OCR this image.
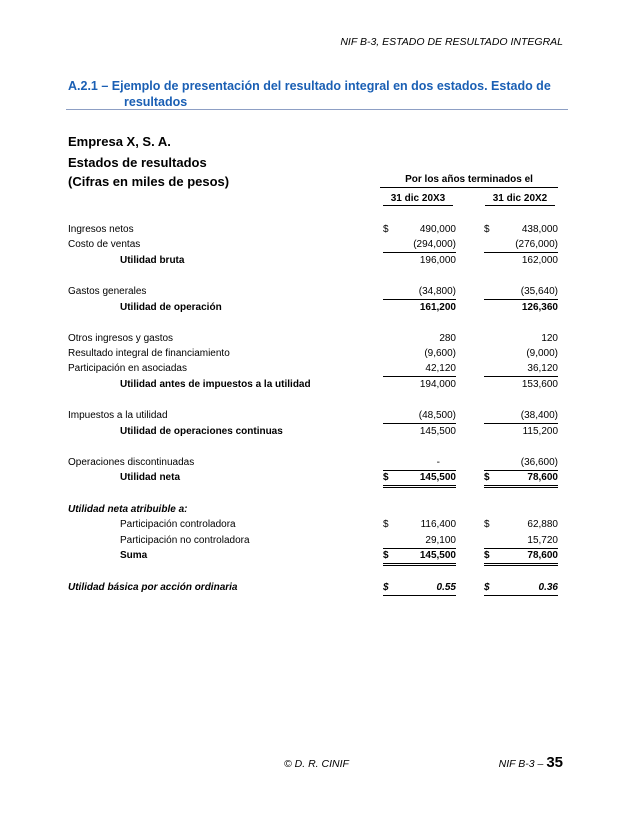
NIF B-3, ESTADO DE RESULTADO INTEGRAL
A.2.1 – Ejemplo de presentación del resultado integral en dos estados. Estado de
resultados
Empresa X, S. A.
Estados de resultados
(Cifras en miles de pesos)	Por los años terminados el
31 dic 20X3	31 dic 20X2
Ingresos netos	$	490,000	$	438,000
Costo de ventas	(294,000)	(276,000)
Utilidad bruta	196,000	162,000
Gastos generales	(34,800)	(35,640)
Utilidad de operación	161,200	126,360
Otros ingresos y gastos	280	120
Resultado integral de financiamiento	(9,600)	(9,000)
Participación en asociadas	42,120	36,120
Utilidad antes de impuestos a la utilidad	194,000	153,600
Impuestos a la utilidad	(48,500)	(38,400)
Utilidad de operaciones continuas	145,500	115,200
Operaciones discontinuadas	-	(36,600)
Utilidad neta	$	145,500	$	78,600
Utilidad neta atribuible a:
Participación controladora	$	116,400	$	62,880
Participación no controladora	29,100	15,720
Suma	$	145,500	$	78,600
Utilidad básica por acción ordinaria	$	0.55	$	0.36
© D. R. CINIF	NIF B-3 – 35
